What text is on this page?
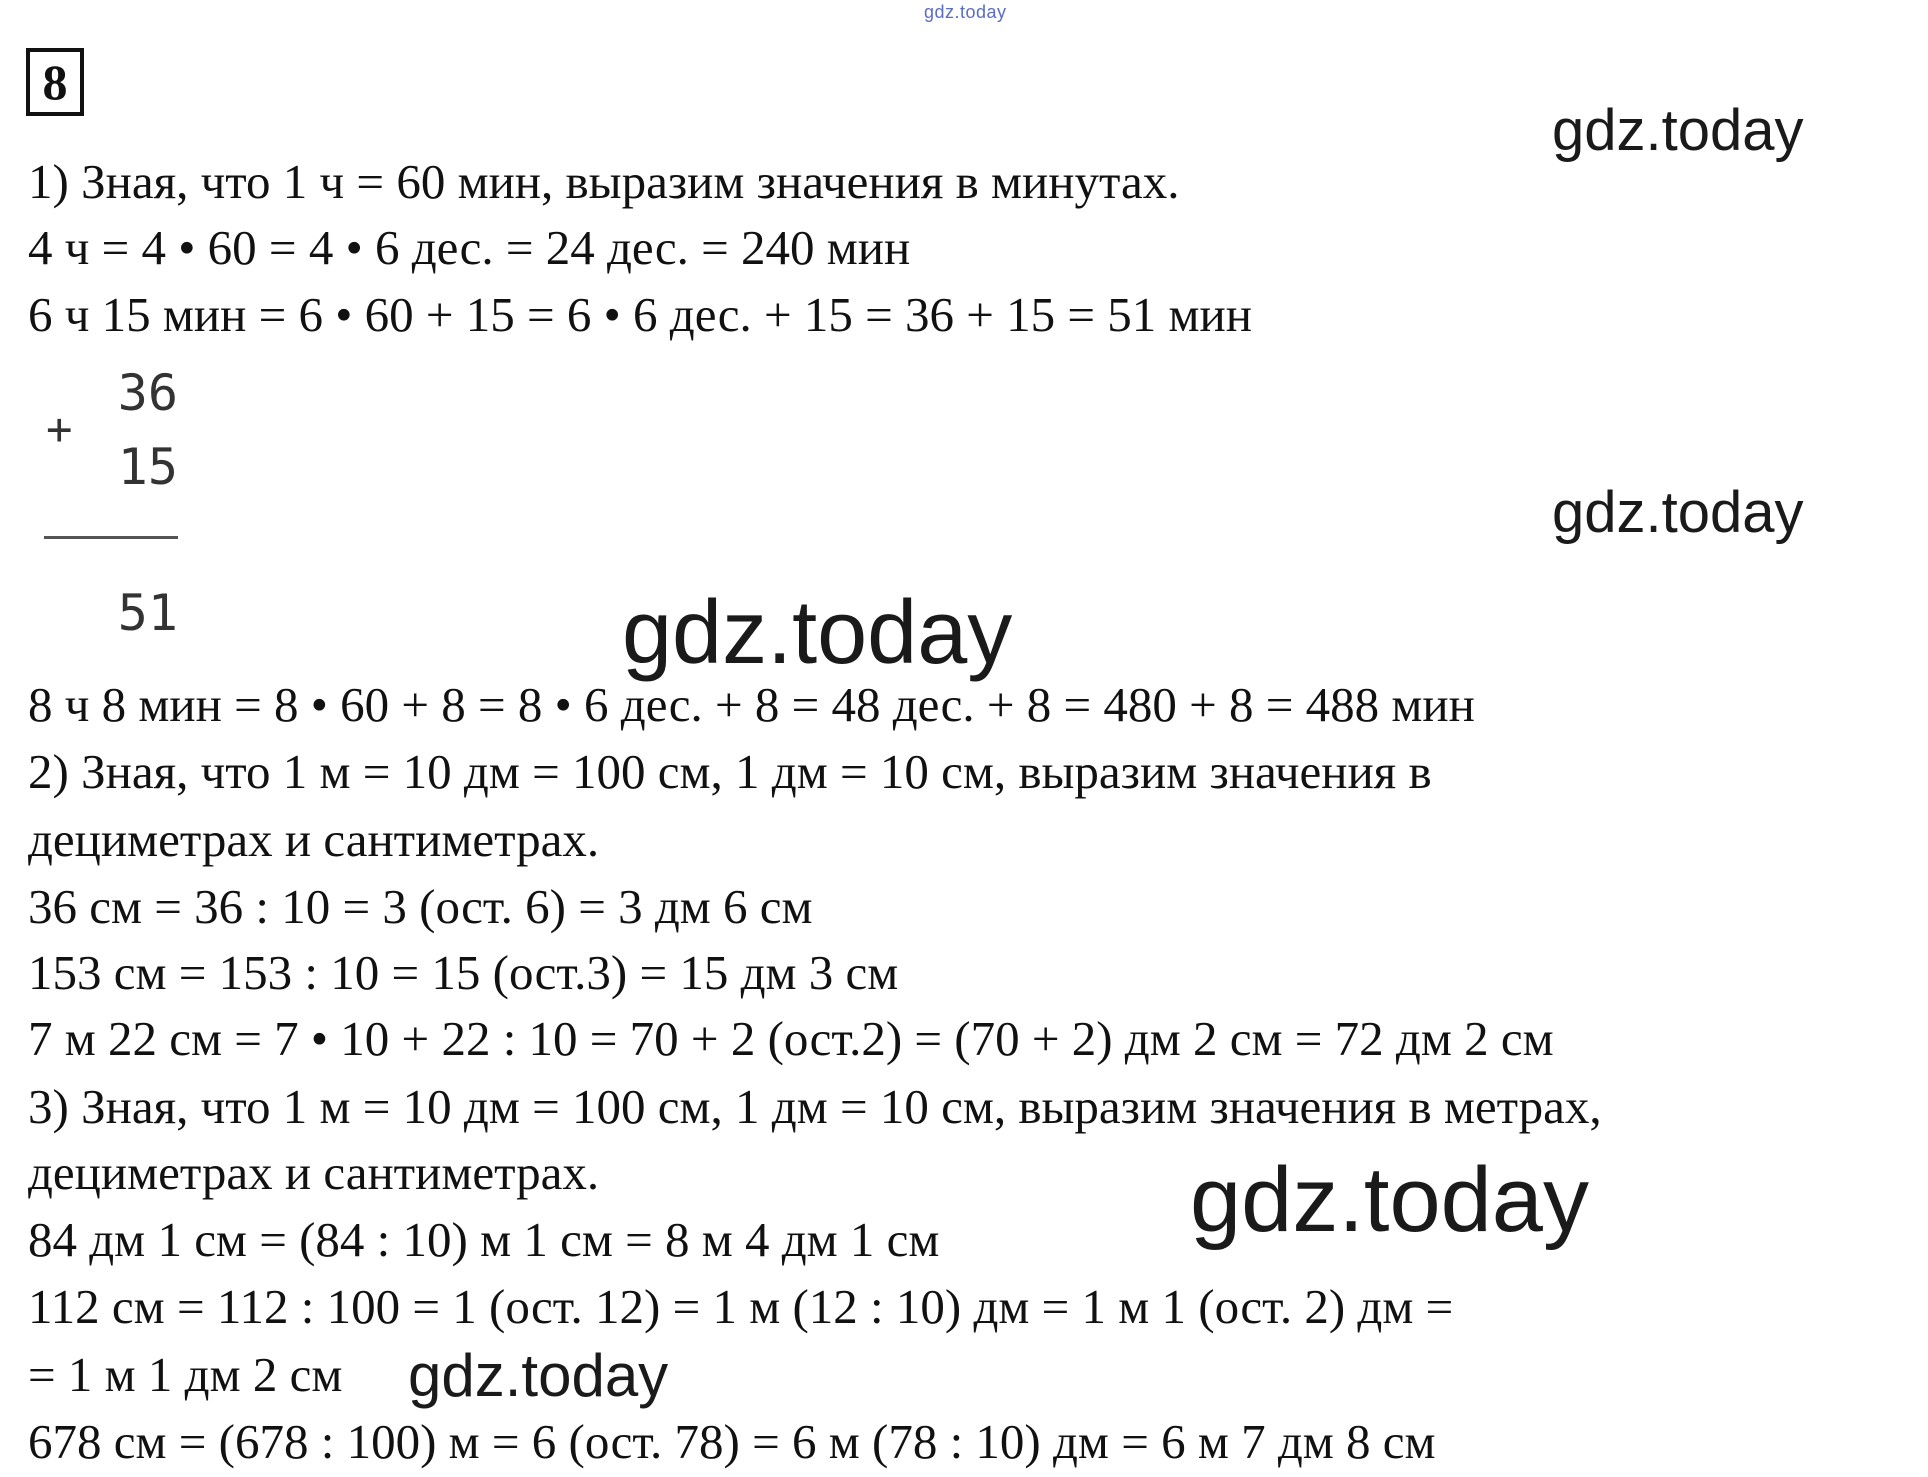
gdz.today
8
gdz.today
gdz.today
gdz.today
gdz.today
gdz.today
1) Зная, что 1 ч = 60 мин, выразим значения в минутах.
4 ч = 4 • 60 = 4 • 6 дес. = 24 дес. = 240 мин
6 ч 15 мин = 6 • 60 + 15 = 6 • 6 дес. + 15 = 36 + 15 = 51 мин
+
36
15
51
8 ч 8 мин = 8 • 60 + 8 = 8 • 6 дес. + 8 = 48 дес. + 8 = 480 + 8 = 488 мин
2) Зная, что 1 м = 10 дм = 100 см, 1 дм = 10 см, выразим значения в
дециметрах и сантиметрах.
36 см = 36 : 10 = 3 (ост. 6) = 3 дм 6 см
153 см = 153 : 10 = 15 (ост.3) = 15 дм 3 см
7 м 22 см = 7 • 10 + 22 : 10 = 70 + 2 (ост.2) = (70 + 2) дм 2 см = 72 дм 2 см
3) Зная, что 1 м = 10 дм = 100 см, 1 дм = 10 см, выразим значения в метрах,
дециметрах и сантиметрах.
84 дм 1 см = (84 : 10) м 1 см = 8 м 4 дм 1 см
112 см = 112 : 100 = 1 (ост. 12) = 1 м (12 : 10) дм = 1 м 1 (ост. 2) дм =
= 1 м 1 дм 2 см
678 см = (678 : 100) м = 6 (ост. 78) = 6 м (78 : 10) дм = 6 м 7 дм 8 см
